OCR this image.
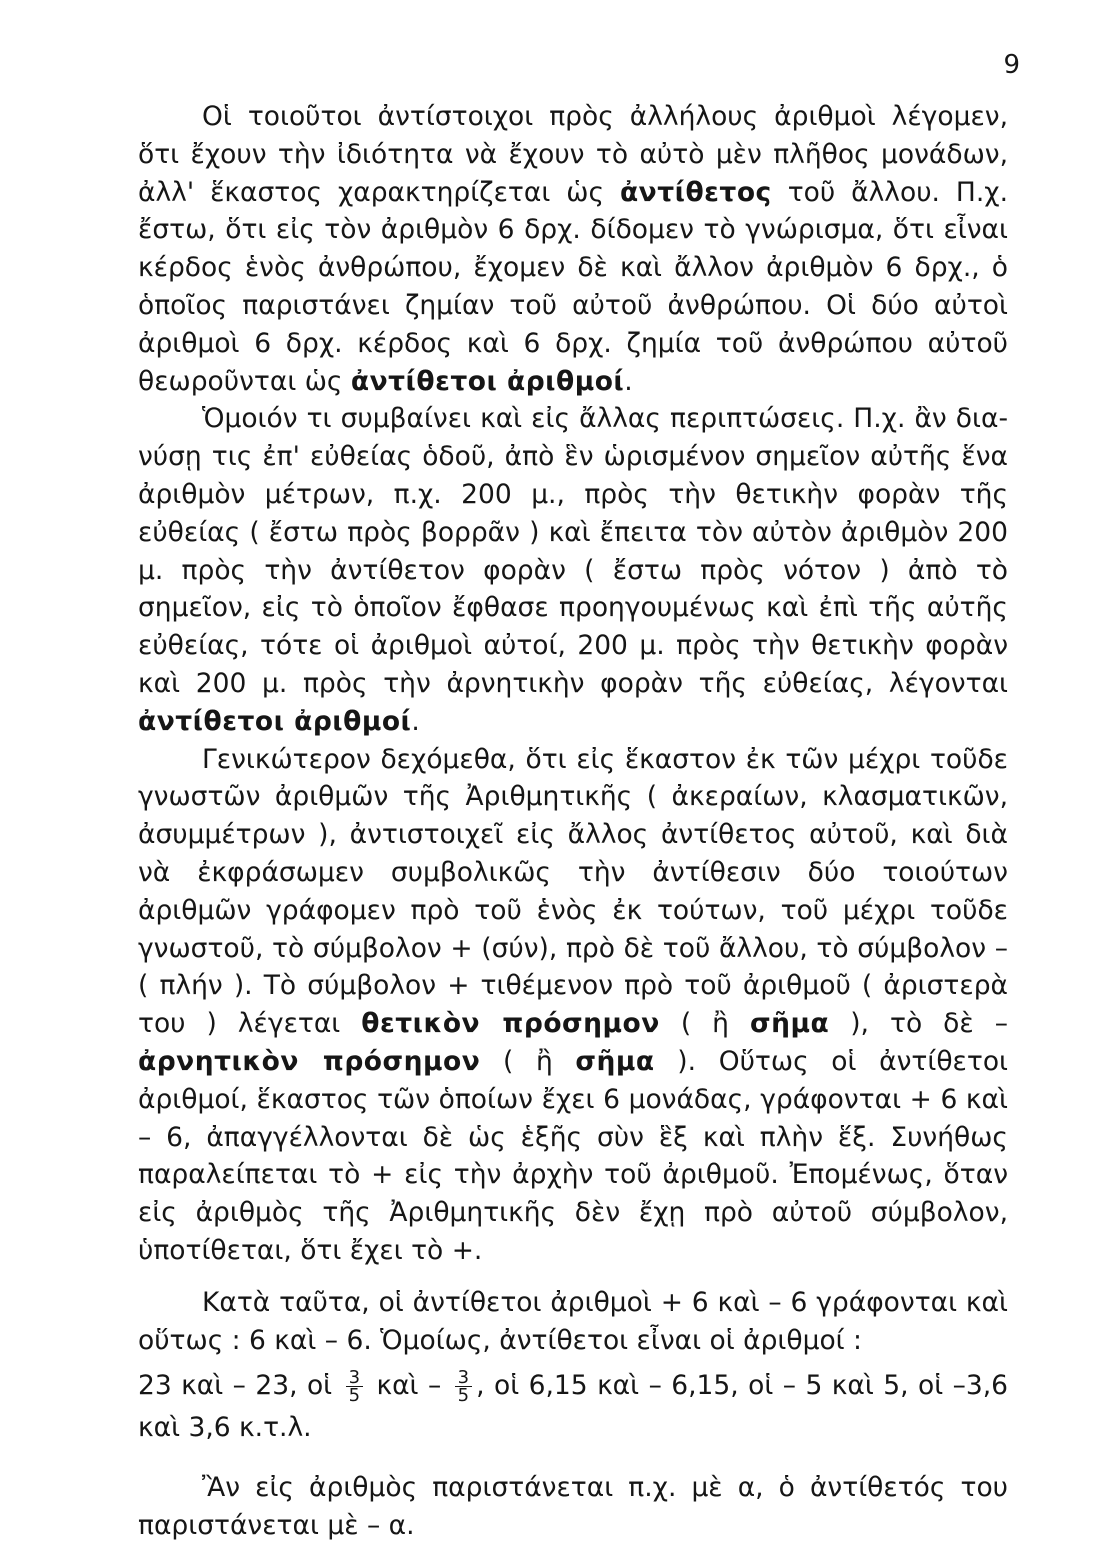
9

Οἱ τοιοῦτοι ἀντίστοιχοι πρὸς ἀλλήλους ἀριθμοὶ λέγομεν, ὅτι ἔχουν τὴν ἰδιότητα νὰ ἔχουν τὸ αὐτὸ μὲν πλῆθος μονάδων, ἀλλ' ἕκαστος χαρακτηρίζεται ὡς ἀντίθετος τοῦ ἄλλου. Π.χ. ἔστω, ὅτι εἰς τὸν ἀριθμὸν 6 δρχ. δίδομεν τὸ γνώρισμα, ὅτι εἶναι κέρδος ἑνὸς ἀνθρώπου, ἔχομεν δὲ καὶ ἄλλον ἀριθμὸν 6 δρχ., ὁ ὁποῖος παριστάνει ζημίαν τοῦ αὐτοῦ ἀνθρώπου. Οἱ δύο αὐτοὶ ἀριθμοὶ 6 δρχ. κέρδος καὶ 6 δρχ. ζημία τοῦ ἀνθρώπου αὐτοῦ θεωροῦνται ὡς ἀντίθετοι ἀριθμοί.

Ὁμοιόν τι συμβαίνει καὶ εἰς ἄλλας περιπτώσεις. Π.χ. ἂν διανύσῃ τις ἐπ' εὐθείας ὁδοῦ, ἀπὸ ἓν ὡρισμένον σημεῖον αὐτῆς ἕνα ἀριθμὸν μέτρων, π.χ. 200 μ., πρὸς τὴν θετικὴν φορὰν τῆς εὐθείας ( ἔστω πρὸς βορρᾶν ) καὶ ἔπειτα τὸν αὐτὸν ἀριθμὸν 200 μ. πρὸς τὴν ἀντίθετον φορὰν ( ἔστω πρὸς νότον ) ἀπὸ τὸ σημεῖον, εἰς τὸ ὁποῖον ἔφθασε προηγουμένως καὶ ἐπὶ τῆς αὐτῆς εὐθείας, τότε οἱ ἀριθμοὶ αὐτοί, 200 μ. πρὸς τὴν θετικὴν φορὰν καὶ 200 μ. πρὸς τὴν ἀρνητικὴν φορὰν τῆς εὐθείας, λέγονται ἀντίθετοι ἀριθμοί.

Γενικώτερον δεχόμεθα, ὅτι εἰς ἕκαστον ἐκ τῶν μέχρι τοῦδε γνωστῶν ἀριθμῶν τῆς Ἀριθμητικῆς ( ἀκεραίων, κλασματικῶν, ἀσυμμέτρων ), ἀντιστοιχεῖ εἰς ἄλλος ἀντίθετος αὐτοῦ, καὶ διὰ νὰ ἐκφράσωμεν συμβολικῶς τὴν ἀντίθεσιν δύο τοιούτων ἀριθμῶν γράφομεν πρὸ τοῦ ἑνὸς ἐκ τούτων, τοῦ μέχρι τοῦδε γνωστοῦ, τὸ σύμβολον + (σύν), πρὸ δὲ τοῦ ἄλλου, τὸ σύμβολον – ( πλήν ). Τὸ σύμβολον + τιθέμενον πρὸ τοῦ ἀριθμοῦ ( ἀριστερὰ του ) λέγεται θετικὸν πρόσημον ( ἢ σῆμα ), τὸ δὲ – ἀρνητικὸν πρόσημον ( ἢ σῆμα ). Οὕτως οἱ ἀντίθετοι ἀριθμοί, ἕκαστος τῶν ὁποίων ἔχει 6 μονάδας, γράφονται + 6 καὶ – 6, ἀπαγγέλλονται δὲ ὡς ἑξῆς σὺν ἓξ καὶ πλὴν ἕξ. Συνήθως παραλείπεται τὸ + εἰς τὴν ἀρχὴν τοῦ ἀριθμοῦ. Ἐπομένως, ὅταν εἰς ἀριθμὸς τῆς Ἀριθμητικῆς δὲν ἔχῃ πρὸ αὐτοῦ σύμβολον, ὑποτίθεται, ὅτι ἔχει τὸ +.

Κατὰ ταῦτα, οἱ ἀντίθετοι ἀριθμοὶ + 6 καὶ – 6 γράφονται καὶ οὕτως : 6 καὶ – 6. Ὁμοίως, ἀντίθετοι εἶναι οἱ ἀριθμοί :

23 καὶ – 23, οἱ $\frac{3}{5}$ καὶ – $\frac{3}{5}$ , οἱ 6,15 καὶ – 6,15, οἱ – 5 καὶ 5, οἱ –3,6 καὶ 3,6 κ.τ.λ.

Ἂν εἰς ἀριθμὸς παριστάνεται π.χ. μὲ α, ὁ ἀντίθετός του παριστάνεται μὲ – α.
